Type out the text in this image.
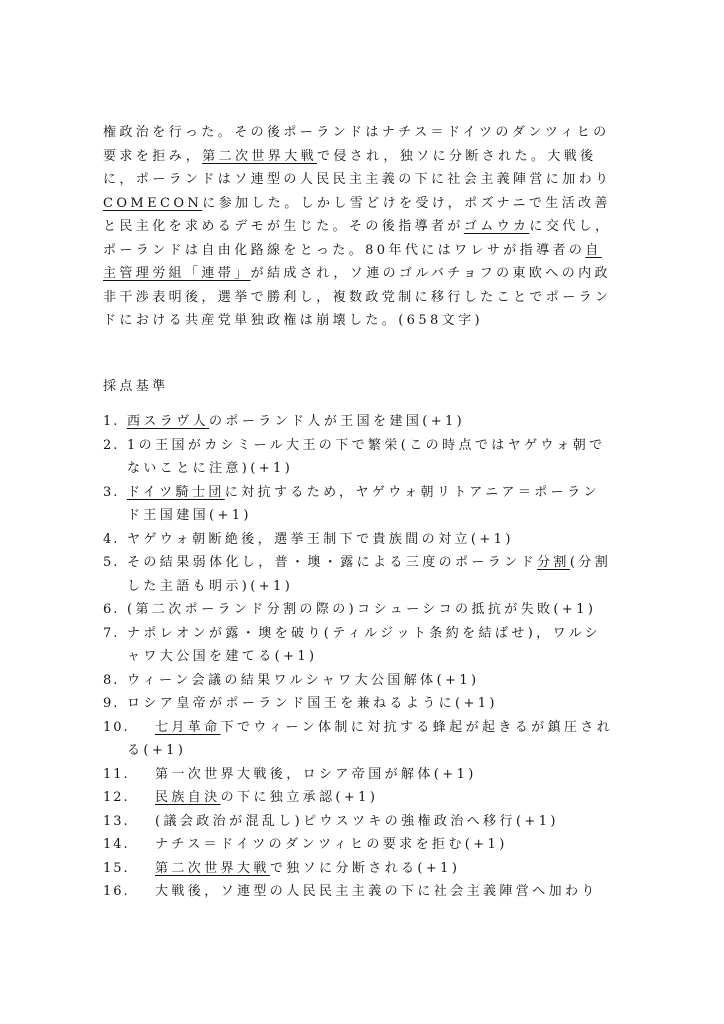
権政治を行った。その後ポーランドはナチス＝ドイツのダンツィヒの
要求を拒み，第二次世界大戦で侵され，独ソに分断された。大戦後
に，ポーランドはソ連型の人民民主主義の下に社会主義陣営に加わり
COMECONに参加した。しかし雪どけを受け，ポズナニで生活改善
と民主化を求めるデモが生じた。その後指導者がゴムウカに交代し，
ポーランドは自由化路線をとった。80年代にはワレサが指導者の自
主管理労組「連帯」が結成され，ソ連のゴルバチョフの東欧への内政
非干渉表明後，選挙で勝利し，複数政党制に移行したことでポーラン
ドにおける共産党単独政権は崩壊した。(658文字)
採点基準
1. 西スラヴ人のポーランド人が王国を建国(+1)
2. 1の王国がカシミール大王の下で繁栄(この時点ではヤゲウォ朝で
ないことに注意)(+1)
3. ドイツ騎士団に対抗するため，ヤゲウォ朝リトアニア＝ポーラン
ド王国建国(+1)
4. ヤゲウォ朝断絶後，選挙王制下で貴族間の対立(+1)
5. その結果弱体化し，普・墺・露による三度のポーランド分割(分割
した主語も明示)(+1)
6. (第二次ポーランド分割の際の)コシューシコの抵抗が失敗(+1)
7. ナポレオンが露・墺を破り(ティルジット条約を結ばせ)，ワルシ
ャワ大公国を建てる(+1)
8. ウィーン会議の結果ワルシャワ大公国解体(+1)
9. ロシア皇帝がポーランド国王を兼ねるように(+1)
10. 七月革命下でウィーン体制に対抗する蜂起が起きるが鎮圧され
る(+1)
11. 第一次世界大戦後，ロシア帝国が解体(+1)
12. 民族自決の下に独立承認(+1)
13. (議会政治が混乱し)ピウスツキの強権政治へ移行(+1)
14. ナチス＝ドイツのダンツィヒの要求を拒む(+1)
15. 第二次世界大戦で独ソに分断される(+1)
16. 大戦後，ソ連型の人民民主主義の下に社会主義陣営へ加わり
